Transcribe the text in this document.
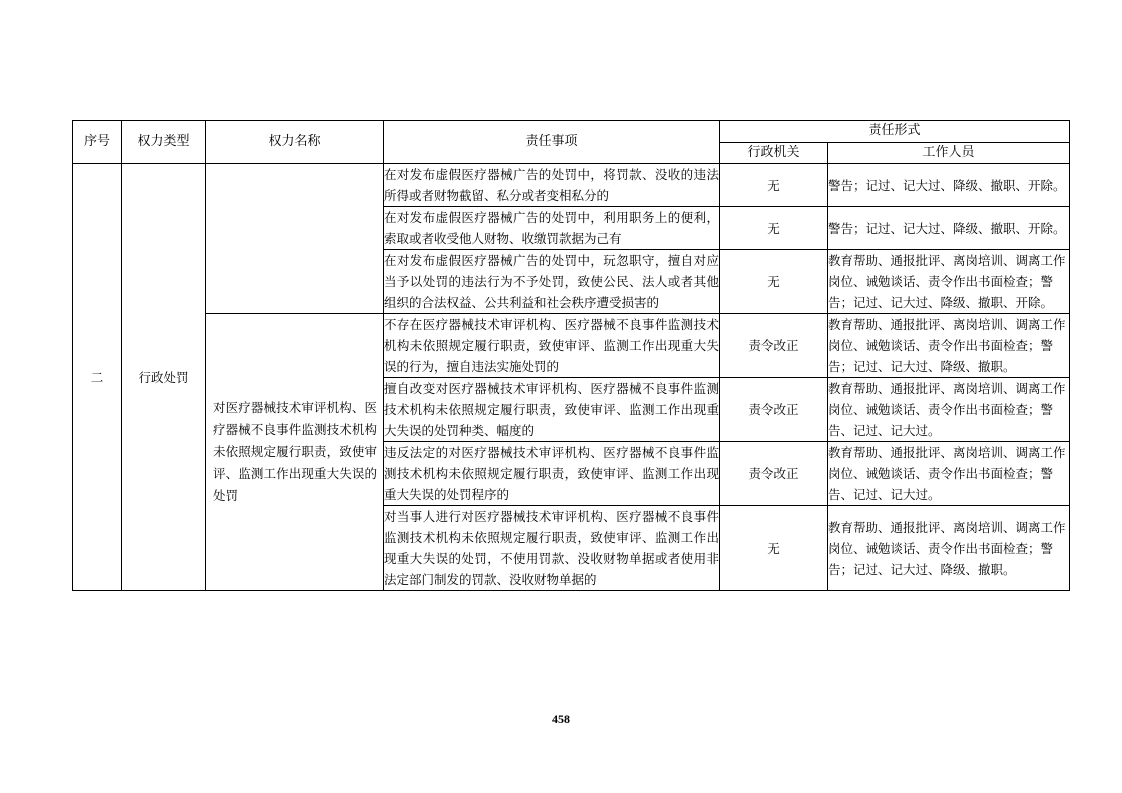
序号	权力类型	权力名称	责任事项	责任形式	
				行政机关	工作人员
二	行政处罚		在对发布虚假医疗器械广告的处罚中，将罚款、没收的违法所得或者财物截留、私分或者变相私分的	无	警告；记过、记大过、降级、撤职、开除。
			在对发布虚假医疗器械广告的处罚中，利用职务上的便利，索取或者收受他人财物、收缴罚款据为己有	无	警告；记过、记大过、降级、撤职、开除。
			在对发布虚假医疗器械广告的处罚中，玩忽职守，擅自对应当予以处罚的违法行为不予处罚，致使公民、法人或者其他组织的合法权益、公共利益和社会秩序遭受损害的	无	教育帮助、通报批评、离岗培训、调离工作岗位、诫勉谈话、责令作出书面检查；警告；记过、记大过、降级、撤职、开除。
		对医疗器械技术审评机构、医疗器械不良事件监测技术机构未依照规定履行职责，致使审评、监测工作出现重大失误的处罚	不存在医疗器械技术审评机构、医疗器械不良事件监测技术机构未依照规定履行职责，致使审评、监测工作出现重大失误的行为，擅自违法实施处罚的	责令改正	教育帮助、通报批评、离岗培训、调离工作岗位、诫勉谈话、责令作出书面检查；警告；记过、记大过、降级、撤职。
			擅自改变对医疗器械技术审评机构、医疗器械不良事件监测技术机构未依照规定履行职责，致使审评、监测工作出现重大失误的处罚种类、幅度的	责令改正	教育帮助、通报批评、离岗培训、调离工作岗位、诫勉谈话、责令作出书面检查；警告、记过、记大过。
			违反法定的对医疗器械技术审评机构、医疗器械不良事件监测技术机构未依照规定履行职责，致使审评、监测工作出现重大失误的处罚程序的	责令改正	教育帮助、通报批评、离岗培训、调离工作岗位、诫勉谈话、责令作出书面检查；警告、记过、记大过。
			对当事人进行对医疗器械技术审评机构、医疗器械不良事件监测技术机构未依照规定履行职责，致使审评、监测工作出现重大失误的处罚，不使用罚款、没收财物单据或者使用非法定部门制发的罚款、没收财物单据的	无	教育帮助、通报批评、离岗培训、调离工作岗位、诫勉谈话、责令作出书面检查；警告；记过、记大过、降级、撤职。
458
